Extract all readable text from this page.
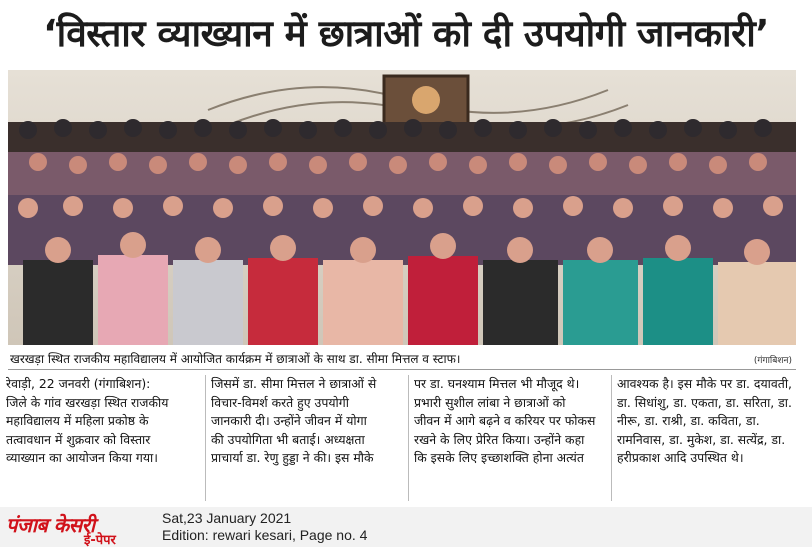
‘विस्तार व्याख्यान में छात्राओं को दी उपयोगी जानकारी’
खरखड़ा स्थित राजकीय महाविद्यालय में आयोजित कार्यक्रम में छात्राओं के साथ डा. सीमा मित्तल व स्टाफ।	(गंगाबिशन)
रेवाड़ी, 22 जनवरी (गंगाबिशन):
जिले के गांव खरखड़ा स्थित राजकीय
महाविद्यालय में महिला प्रकोष्ठ के
तत्वावधान में शुक्रवार को विस्तार
व्याख्यान का आयोजन किया गया।
जिसमें डा. सीमा मित्तल ने छात्राओं से
विचार-विमर्श करते हुए उपयोगी
जानकारी दी। उन्होंने जीवन में योगा
की उपयोगिता भी बताई। अध्यक्षता
प्राचार्या डा. रेणु हुड्डा ने की। इस मौके
पर डा. घनश्याम मित्तल भी मौजूद थे।
प्रभारी सुशील लांबा ने छात्राओं को
जीवन में आगे बढ़ने व करियर पर फोकस
रखने के लिए प्रेरित किया। उन्होंने कहा
कि इसके लिए इच्छाशक्ति होना अत्यंत
आवश्यक है। इस मौके पर डा. दयावती,
डा. सिधांशु, डा. एकता, डा. सरिता, डा.
नीरू, डा. राश्री, डा. कविता, डा.
रामनिवास, डा. मुकेश, डा. सत्येंद्र, डा.
हरीप्रकाश आदि उपस्थित थे।
पंजाब केसरी
ई-पेपर
Sat,23 January 2021
Edition: rewari kesari, Page no. 4
